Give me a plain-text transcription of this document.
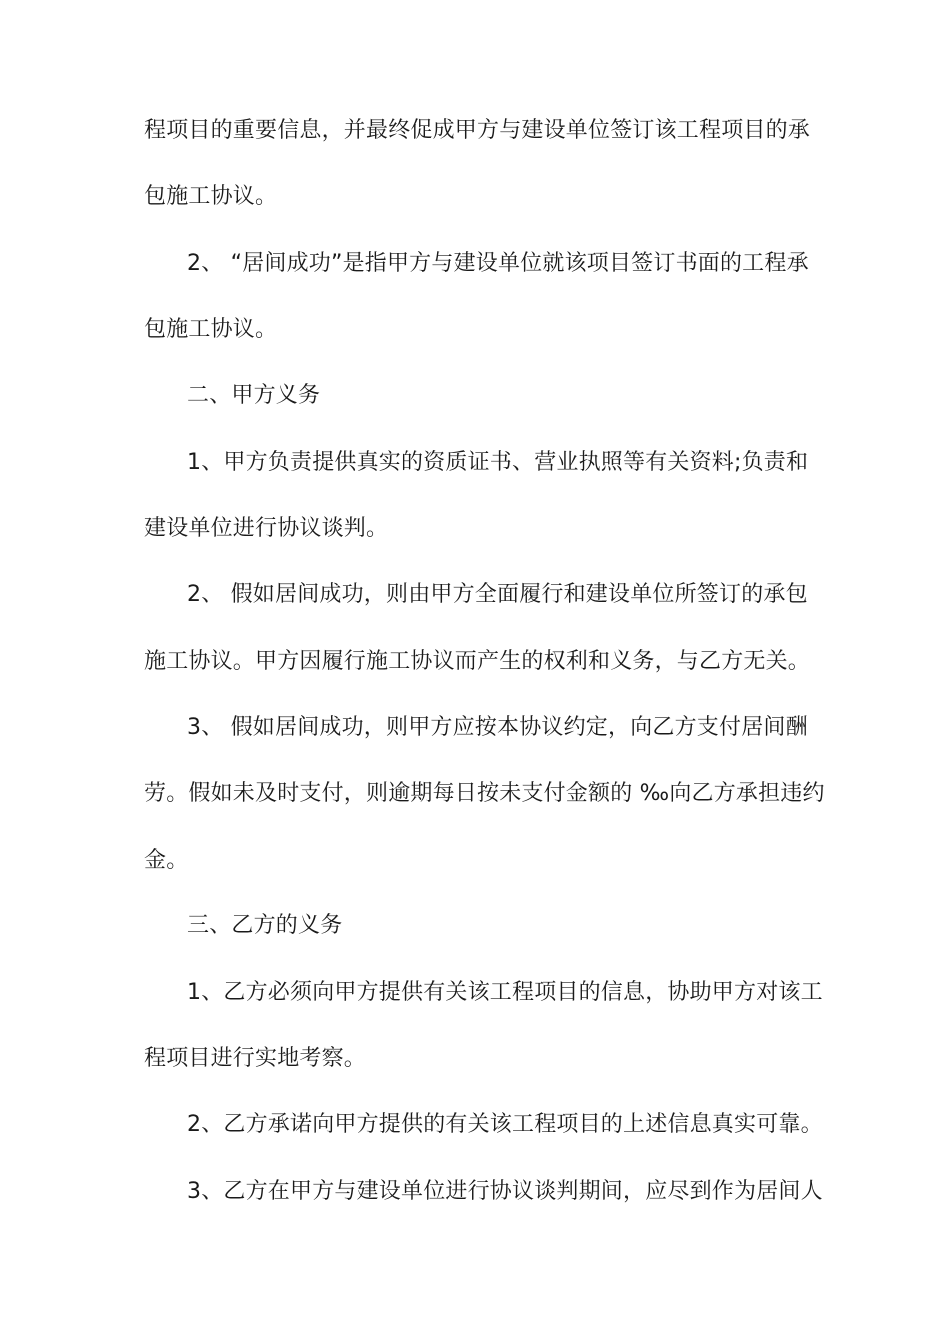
程项目的重要信息，并最终促成甲方与建设单位签订该工程项目的承
包施工协议。
2、 “居间成功”是指甲方与建设单位就该项目签订书面的工程承
包施工协议。
二、甲方义务
1、甲方负责提供真实的资质证书、营业执照等有关资料;负责和
建设单位进行协议谈判。
2、 假如居间成功，则由甲方全面履行和建设单位所签订的承包
施工协议。甲方因履行施工协议而产生的权利和义务，与乙方无关。
3、 假如居间成功，则甲方应按本协议约定，向乙方支付居间酬
劳。假如未及时支付，则逾期每日按未支付金额的 ‰向乙方承担违约
金。
三、乙方的义务
1、乙方必须向甲方提供有关该工程项目的信息，协助甲方对该工
程项目进行实地考察。
2、乙方承诺向甲方提供的有关该工程项目的上述信息真实可靠。
3、乙方在甲方与建设单位进行协议谈判期间，应尽到作为居间人
